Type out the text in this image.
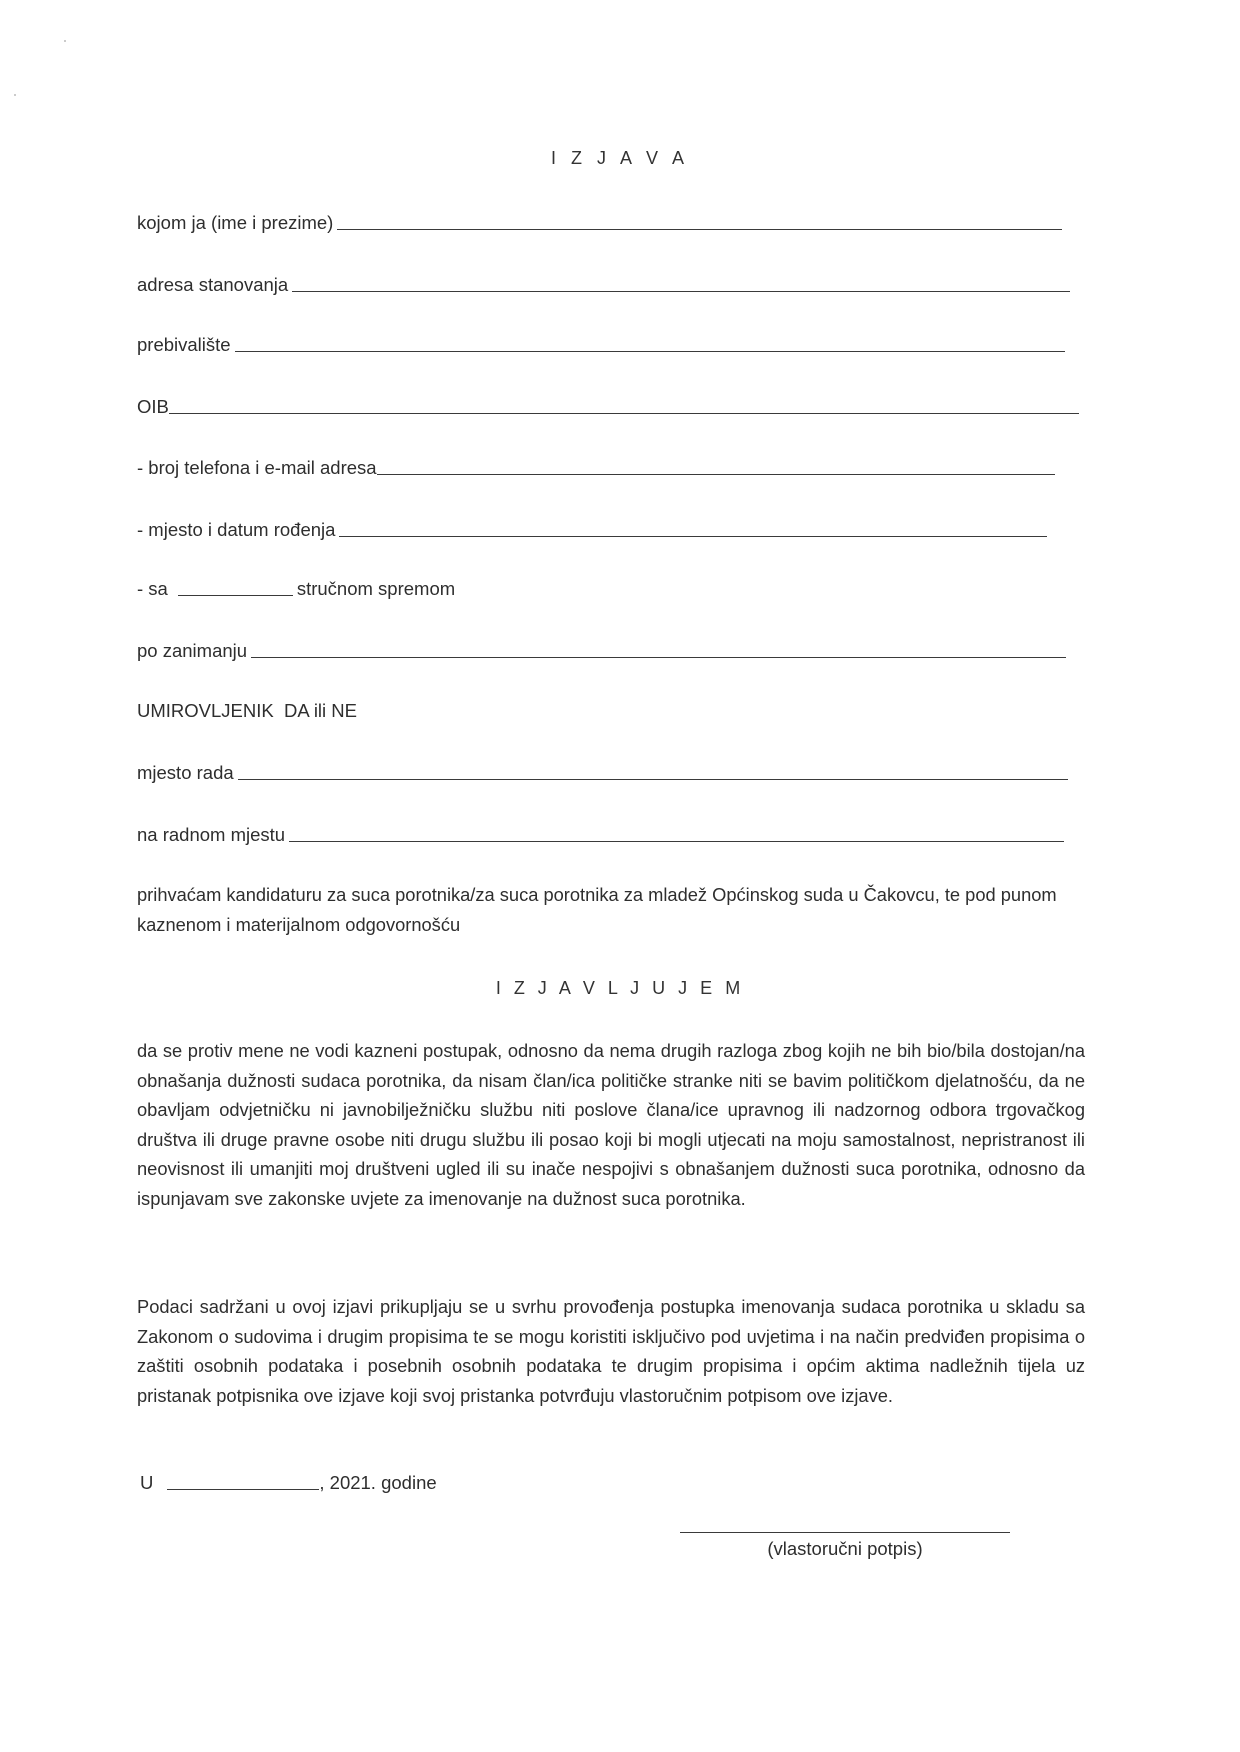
I Z J A V A
kojom ja (ime i prezime)
adresa stanovanja
prebivalište
OIB
- broj telefona i e-mail adresa
- mjesto i datum rođenja
- sa	stručnom spremom
po zanimanju
UMIROVLJENIK  DA ili NE
mjesto rada
na radnom mjestu
prihvaćam kandidaturu za suca porotnika/za suca porotnika za mladež Općinskog suda u Čakovcu, te pod punom kaznenom i materijalnom odgovornošću
I Z J A V L J U J E M
da se protiv mene ne vodi kazneni postupak, odnosno da nema drugih razloga zbog kojih ne bih bio/bila dostojan/na obnašanja dužnosti sudaca porotnika, da nisam član/ica političke stranke niti se bavim političkom djelatnošću, da ne obavljam odvjetničku ni javnobilježničku službu niti poslove člana/ice upravnog ili nadzornog odbora trgovačkog društva ili druge pravne osobe niti drugu službu ili posao koji bi mogli utjecati na moju samostalnost, nepristranost ili neovisnost ili umanjiti moj društveni ugled ili su inače nespojivi s obnašanjem dužnosti suca porotnika, odnosno da ispunjavam sve zakonske uvjete za imenovanje na dužnost suca porotnika.
Podaci sadržani u ovoj izjavi prikupljaju se u svrhu provođenja postupka imenovanja sudaca porotnika u skladu sa Zakonom o sudovima i drugim propisima te se mogu koristiti isključivo pod uvjetima i na način predviđen propisima o zaštiti osobnih podataka i posebnih osobnih podataka te drugim propisima i općim aktima nadležnih tijela uz pristanak potpisnika ove izjave koji svoj pristanka potvrđuju vlastoručnim potpisom ove izjave.
U	, 2021. godine
(vlastoručni potpis)
